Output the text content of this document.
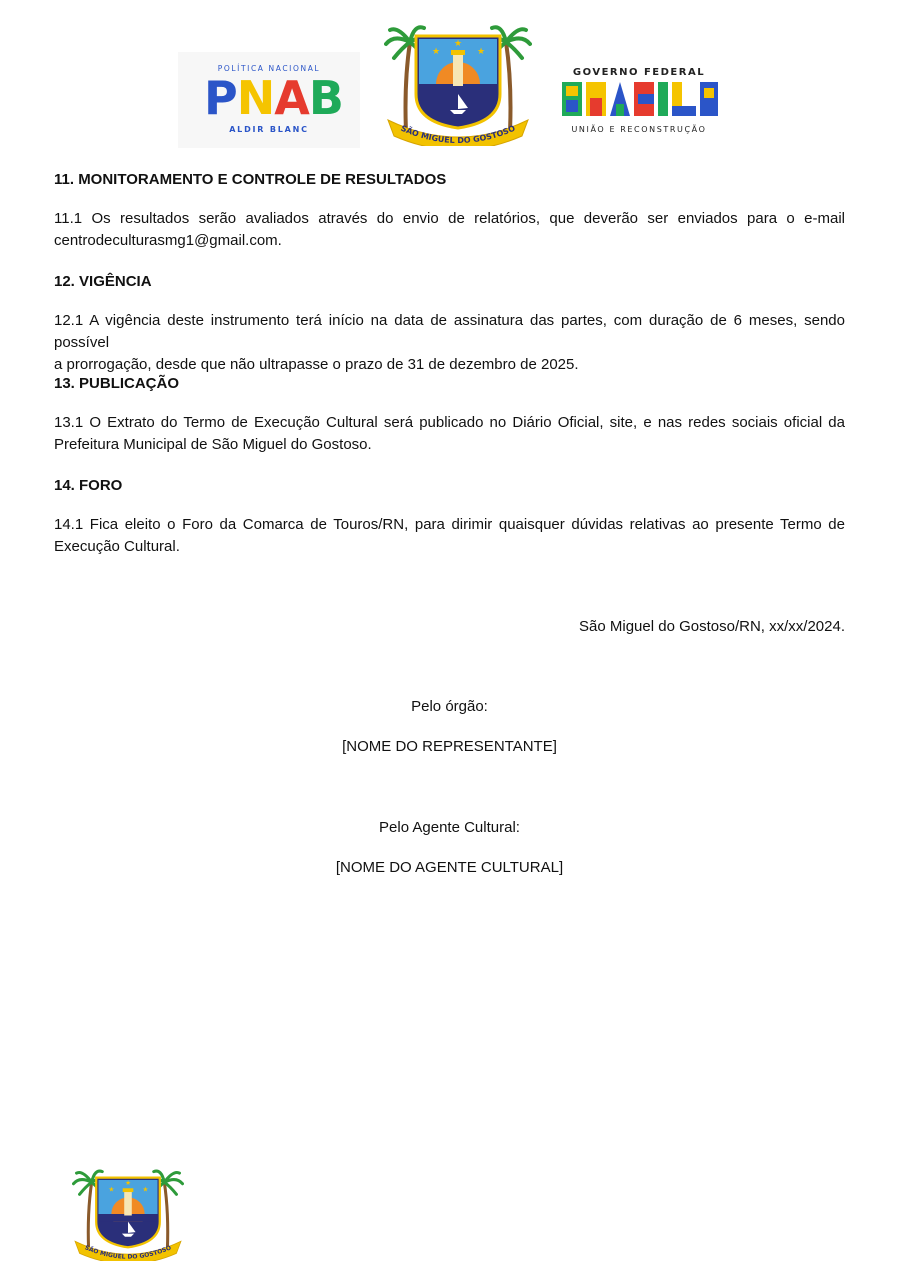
POLÍTICA NACIONAL
P N A B
ALDIR BLANC
★
★
★
SÃO MIGUEL DO GOSTOSO
GOVERNO FEDERAL
BRASIL
UNIÃO E RECONSTRUÇÃO
11. MONITORAMENTO E CONTROLE DE RESULTADOS
11.1 Os resultados serão avaliados através do envio de relatórios, que deverão ser enviados para o e-mail
centrodeculturasmg1@gmail.com.
12. VIGÊNCIA
12.1 A vigência deste instrumento terá início na data de assinatura das partes, com duração de 6 meses, sendo possível
a prorrogação, desde que não ultrapasse o prazo de 31 de dezembro de 2025.
13. PUBLICAÇÃO
13.1 O Extrato do Termo de Execução Cultural será publicado no Diário Oficial, site, e nas redes sociais oficial da
Prefeitura Municipal de São Miguel do Gostoso.
14. FORO
14.1 Fica eleito o Foro da Comarca de Touros/RN, para dirimir quaisquer dúvidas relativas ao presente Termo de
Execução Cultural.
São Miguel do Gostoso/RN, xx/xx/2024.
Pelo órgão:
[NOME DO REPRESENTANTE]
Pelo Agente Cultural:
[NOME DO AGENTE CULTURAL]
★
★
★
SÃO MIGUEL DO GOSTOSO
